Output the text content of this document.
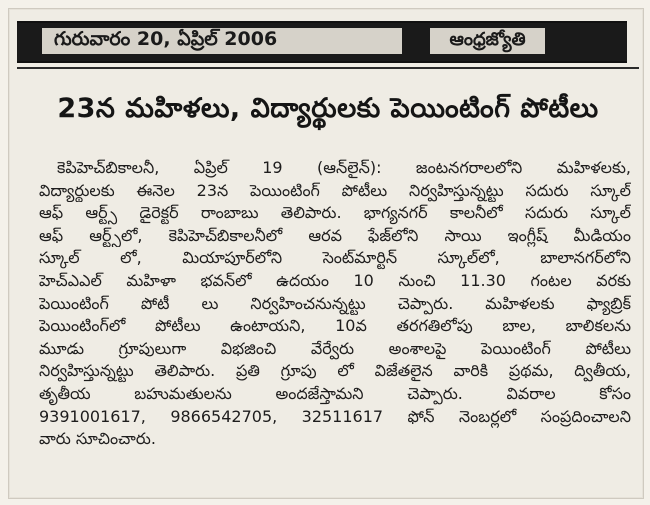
గురువారం 20, ఏప్రిల్ 2006	ఆంధ్రజ్యోతి
23న మహిళలు, విద్యార్థులకు పెయింటింగ్ పోటీలు
కెపిహెచ్‌బికాలనీ, ఏప్రిల్ 19 (ఆన్‌లైన్): జంటనగరాలలోని మహిళలకు,
విద్యార్థులకు ఈనెల 23న పెయింటింగ్ పోటీలు నిర్వహిస్తున్నట్టు సదురు స్కూల్
ఆఫ్ ఆర్ట్స్ డైరెక్టర్ రాంబాబు తెలిపారు. భాగ్యనగర్ కాలనీలో సదురు స్కూల్
ఆఫ్ ఆర్ట్స్‌లో, కెపిహెచ్‌బికాలనీలో ఆరవ ఫేజ్‌లోని సాయి ఇంగ్లీష్ మీడియం
స్కూల్ లో, మియాపూర్‌లోని సెంట్‌మార్టిన్ స్కూల్‌లో, బాలానగర్‌లోని
హెచ్‌ఎఎల్ మహిళా భవన్‌లో ఉదయం 10 నుంచి 11.30 గంటల వరకు
పెయింటింగ్ పోటీ లు నిర్వహించనున్నట్టు చెప్పారు. మహిళలకు ఫ్యాబ్రిక్
పెయింటింగ్‌లో పోటీలు ఉంటాయని, 10వ తరగతిలోపు బాల, బాలికలను
మూడు గ్రూపులుగా విభజించి వేర్వేరు అంశాలపై పెయింటింగ్ పోటీలు
నిర్వహిస్తున్నట్టు తెలిపారు. ప్రతి గ్రూపు లో విజేతలైన వారికి ప్రథమ, ద్వితీయ,
తృతీయ బహుమతులను అందజేస్తామని చెప్పారు. వివరాల కోసం
9391001617, 9866542705, 32511617 ఫోన్ నెంబర్లలో సంప్రదించాలని
వారు సూచించారు.
